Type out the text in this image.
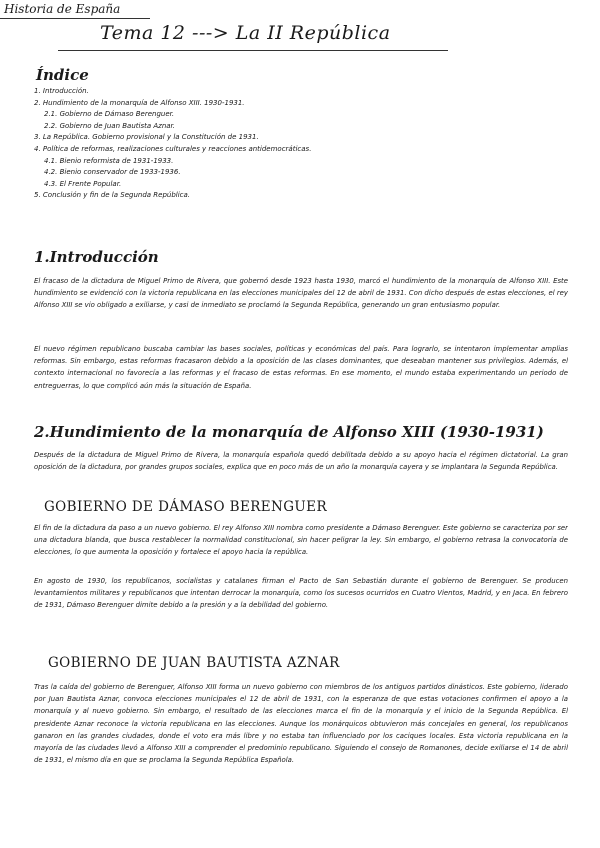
Historia de España
Tema 12 ---> La II República
Índice
1. Introducción.
2. Hundimiento de la monarquía de Alfonso XIII. 1930-1931.
2.1. Gobierno de Dámaso Berenguer.
2.2. Gobierno de Juan Bautista Aznar.
3. La República. Gobierno provisional y la Constitución de 1931.
4. Política de reformas, realizaciones culturales y reacciones antidemocráticas.
4.1. Bienio reformista de 1931-1933.
4.2. Bienio conservador de 1933-1936.
4.3. El Frente Popular.
5. Conclusión y fin de la Segunda República.
1.Introducción

El fracaso de la dictadura de Miguel Primo de Rivera, que gobernó desde 1923 hasta 1930, marcó el hundimiento de la monarquía de Alfonso XIII. Este hundimiento se evidenció con la victoria republicana en las elecciones municipales del 12 de abril de 1931. Con dicho después de estas elecciones, el rey Alfonso XIII se vio obligado a exiliarse, y casi de inmediato se proclamó la Segunda República, generando un gran entusiasmo popular.

El nuevo régimen republicano buscaba cambiar las bases sociales, políticas y económicas del país. Para lograrlo, se intentaron implementar amplias reformas. Sin embargo, estas reformas fracasaron debido a la oposición de las clases dominantes, que deseaban mantener sus privilegios. Además, el contexto internacional no favorecía a las reformas y el fracaso de estas reformas. En ese momento, el mundo estaba experimentando un periodo de entreguerras, lo que complicó aún más la situación de España.

2.Hundimiento de la monarquía de Alfonso XIII (1930-1931)

Después de la dictadura de Miguel Primo de Rivera, la monarquía española quedó debilitada debido a su apoyo hacia el régimen dictatorial. La gran oposición de la dictadura, por grandes grupos sociales, explica que en poco más de un año la monarquía cayera y se implantara la Segunda República.

GOBIERNO DE DÁMASO BERENGUER

El fin de la dictadura da paso a un nuevo gobierno. El rey Alfonso XIII nombra como presidente a Dámaso Berenguer. Este gobierno se caracteriza por ser una dictadura blanda, que busca restablecer la normalidad constitucional, sin hacer peligrar la ley. Sin embargo, el gobierno retrasa la convocatoria de elecciones, lo que aumenta la oposición y fortalece el apoyo hacia la república.

En agosto de 1930, los republicanos, socialistas y catalanes firman el Pacto de San Sebastián durante el gobierno de Berenguer. Se producen levantamientos militares y republicanos que intentan derrocar la monarquía, como los sucesos ocurridos en Cuatro Vientos, Madrid, y en Jaca. En febrero de 1931, Dámaso Berenguer dimite debido a la presión y a la debilidad del gobierno.

GOBIERNO DE JUAN BAUTISTA AZNAR

Tras la caída del gobierno de Berenguer, Alfonso XIII forma un nuevo gobierno con miembros de los antiguos partidos dinásticos. Este gobierno, liderado por Juan Bautista Aznar, convoca elecciones municipales el 12 de abril de 1931, con la esperanza de que estas votaciones confirmen el apoyo a la monarquía y al nuevo gobierno. Sin embargo, el resultado de las elecciones marca el fin de la monarquía y el inicio de la Segunda República. El presidente Aznar reconoce la victoria republicana en las elecciones. Aunque los monárquicos obtuvieron más concejales en general, los republicanos ganaron en las grandes ciudades, donde el voto era más libre y no estaba tan influenciado por los caciques locales. Esta victoria republicana en la mayoría de las ciudades llevó a Alfonso XIII a comprender el predominio republicano. Siguiendo el consejo de Romanones, decide exiliarse el 14 de abril de 1931, el mismo día en que se proclama la Segunda República Española.
